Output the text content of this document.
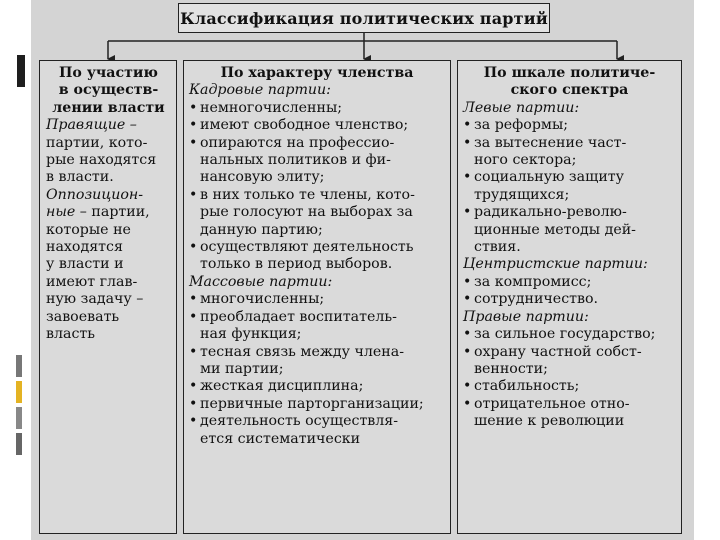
Классификация политических партий
По участию
в осуществ-
лении власти
Правящие –
партии, кото-
рые находятся
в власти.
Оппозицион-
ные – партии,
которые не
находятся
у власти и
имеют глав-
ную задачу –
завоевать
власть
По характеру членства
Кадровые партии:
• немногочисленны;
• имеют свободное членство;
• опираются на профессио-
нальных политиков и фи-
нансовую элиту;
• в них только те члены, кото-
рые голосуют на выборах за
данную партию;
• осуществляют деятельность
только в период выборов.
Массовые партии:
• многочисленны;
• преобладает воспитатель-
ная функция;
• тесная связь между члена-
ми партии;
• жесткая дисциплина;
• первичные парторганизации;
• деятельность осуществля-
ется систематически
По шкале политиче-
ского спектра
Левые партии:
• за реформы;
• за вытеснение част-
ного сектора;
• социальную защиту
трудящихся;
• радикально-револю-
ционные методы дей-
ствия.
Центристские партии:
• за компромисс;
• сотрудничество.
Правые партии:
• за сильное государство;
• охрану частной собст-
венности;
• стабильность;
• отрицательное отно-
шение к революции
